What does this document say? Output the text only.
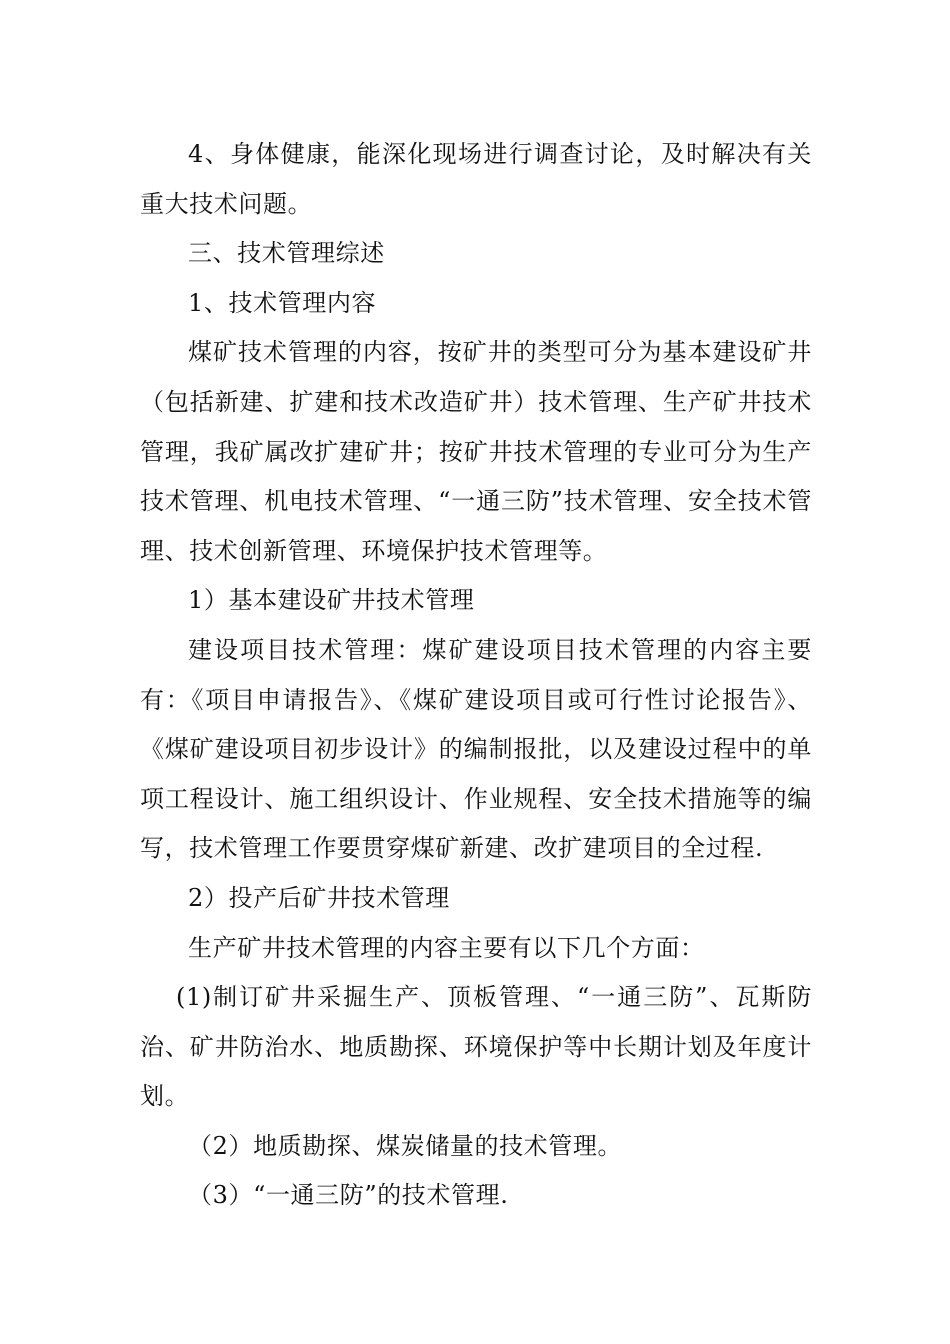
4、身体健康，能深化现场进行调查讨论，及时解决有关重大技术问题。

三、技术管理综述

1、技术管理内容

煤矿技术管理的内容，按矿井的类型可分为基本建设矿井（包括新建、扩建和技术改造矿井）技术管理、生产矿井技术管理，我矿属改扩建矿井；按矿井技术管理的专业可分为生产技术管理、机电技术管理、“一通三防”技术管理、安全技术管理、技术创新管理、环境保护技术管理等。

1）基本建设矿井技术管理

建设项目技术管理：煤矿建设项目技术管理的内容主要有：《项目申请报告》、《煤矿建设项目或可行性讨论报告》、《煤矿建设项目初步设计》的编制报批，以及建设过程中的单项工程设计、施工组织设计、作业规程、安全技术措施等的编写，技术管理工作要贯穿煤矿新建、改扩建项目的全过程.

2）投产后矿井技术管理

生产矿井技术管理的内容主要有以下几个方面：

(1)制订矿井采掘生产、顶板管理、“一通三防”、瓦斯防治、矿井防治水、地质勘探、环境保护等中长期计划及年度计划。

（2）地质勘探、煤炭储量的技术管理。

（3）“一通三防”的技术管理.
